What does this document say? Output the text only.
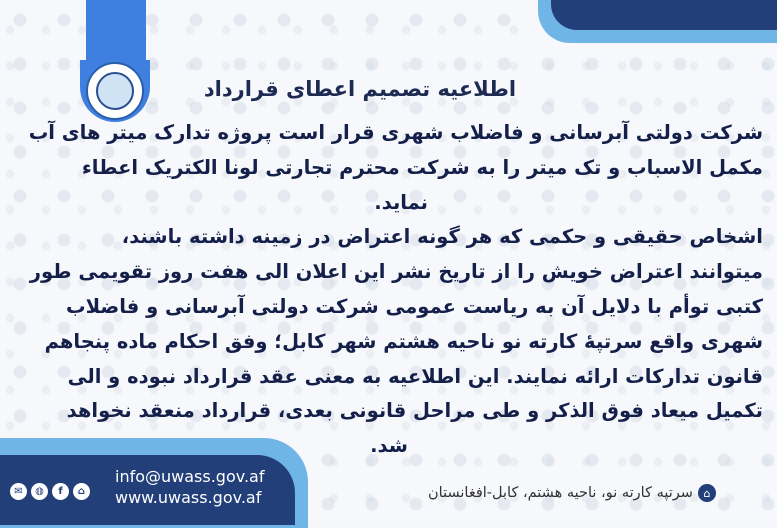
اطلاعیه تصمیم اعطای قرارداد
شرکت دولتی آبرسانی و فاضلاب شهری قرار است پروژه تدارک میتر های آب
مکمل الاسباب و تک میتر را به شرکت محترم تجارتی لونا الکتریک اعطاء
نماید.
اشخاص حقیقی و حکمی که هر گونه اعتراض در زمینه داشته باشند،
میتوانند اعتراض خویش را از تاریخ نشر این اعلان الی هفت روز تقویمی طور
کتبی توأم با دلایل آن به ریاست عمومی شرکت دولتی آبرسانی و فاضلاب
شهری واقع سرتپهٔ کارته نو ناحیه هشتم شهر کابل؛ وفق احکام ماده پنجاهم
قانون تدارکات ارائه نمایند. این اطلاعیه به معنی عقد قرارداد نبوده و الی
تکمیل میعاد فوق الذکر و طی مراحل قانونی بعدی، قرارداد منعقد نخواهد
شد.
✉	◍	f	⌂
info@uwass.gov.af
www.uwass.gov.af	⌂
سرتپه کارته نو، ناحیه هشتم، کابل-افغانستان
